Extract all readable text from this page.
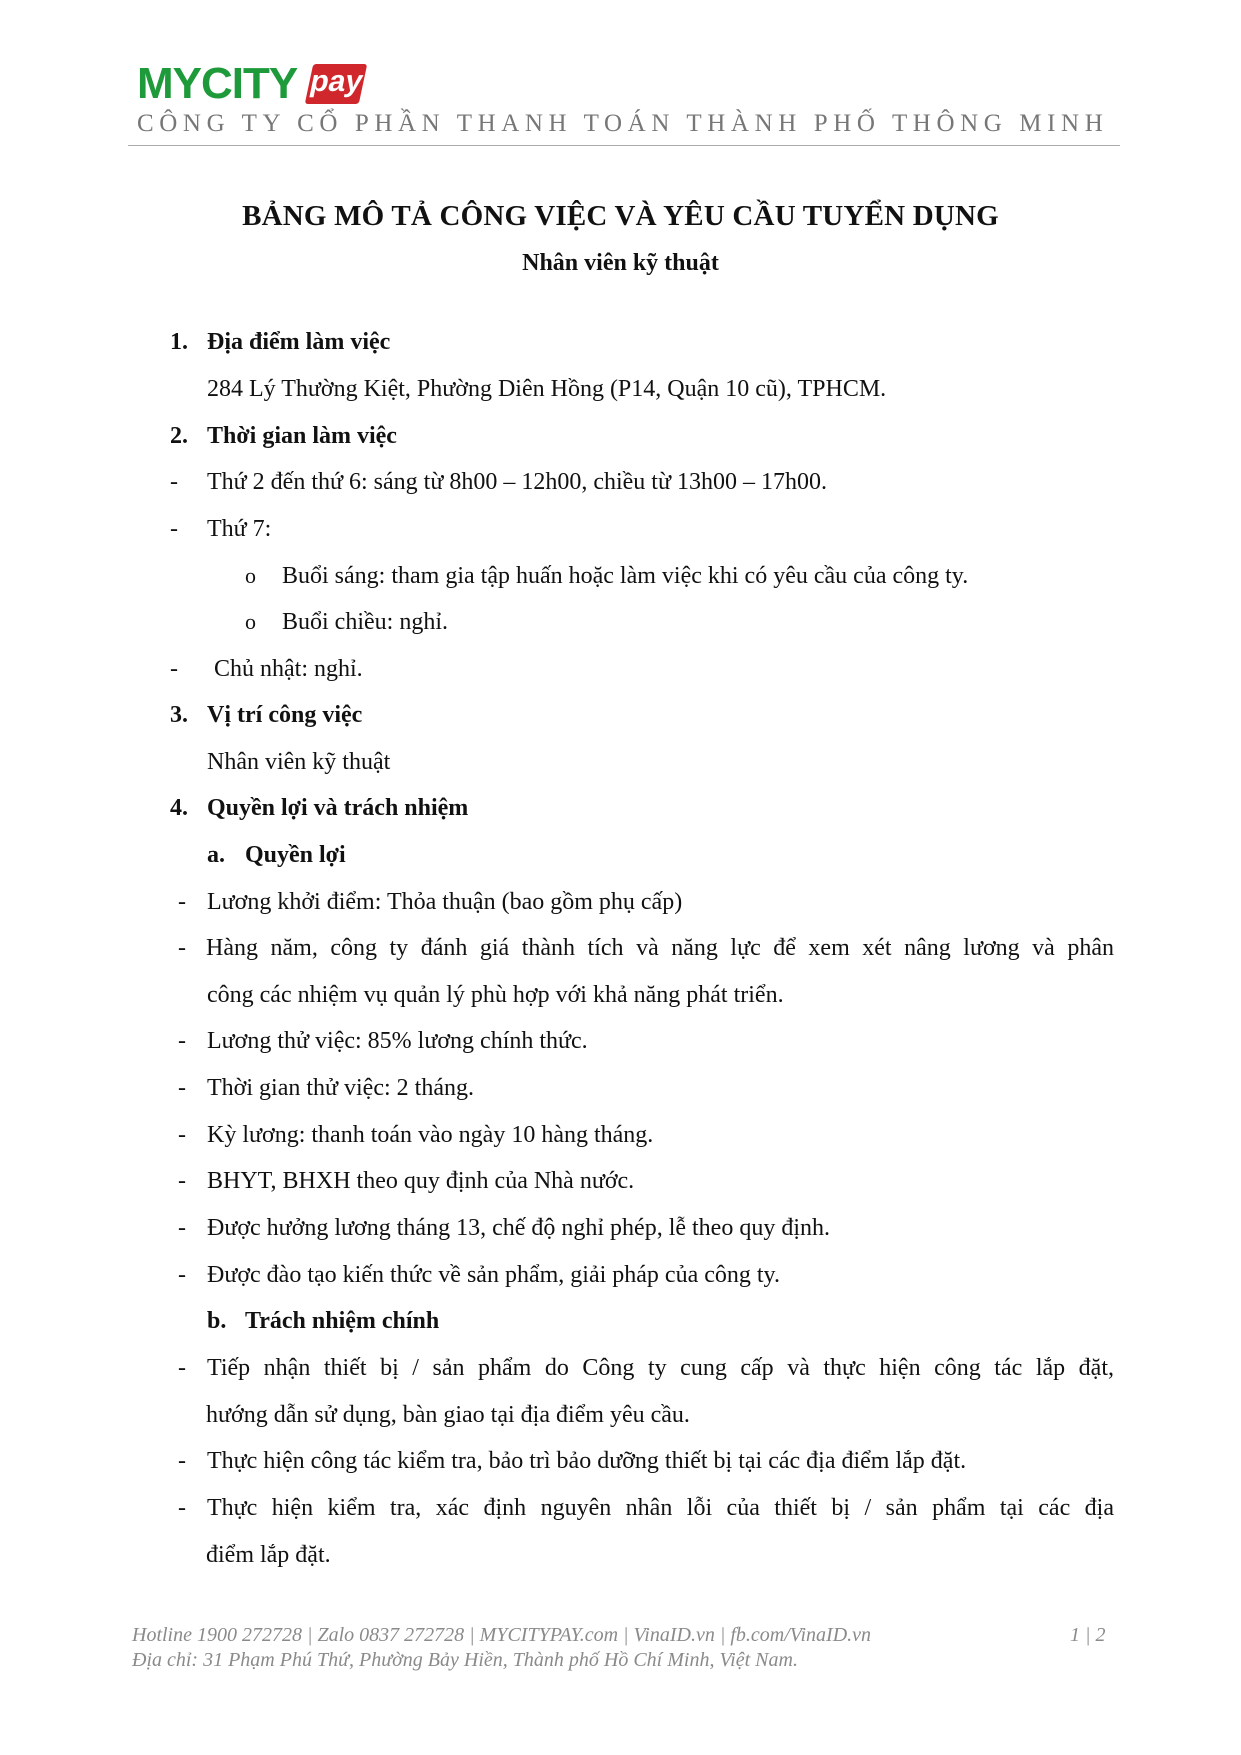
MYCITY pay
CÔNG TY CỔ PHẦN THANH TOÁN THÀNH PHỐ THÔNG MINH
BẢNG MÔ TẢ CÔNG VIỆC VÀ YÊU CẦU TUYỂN DỤNG
Nhân viên kỹ thuật
1. Địa điểm làm việc
284 Lý Thường Kiệt, Phường Diên Hồng (P14, Quận 10 cũ), TPHCM.
2. Thời gian làm việc
- Thứ 2 đến thứ 6: sáng từ 8h00 – 12h00, chiều từ 13h00 – 17h00.
- Thứ 7:
o Buổi sáng: tham gia tập huấn hoặc làm việc khi có yêu cầu của công ty.
o Buổi chiều: nghỉ.
- Chủ nhật: nghỉ.
3. Vị trí công việc
Nhân viên kỹ thuật
4. Quyền lợi và trách nhiệm
a. Quyền lợi
- Lương khởi điểm: Thỏa thuận (bao gồm phụ cấp)
- Hàng năm, công ty đánh giá thành tích và năng lực để xem xét nâng lương và phân
công các nhiệm vụ quản lý phù hợp với khả năng phát triển.
- Lương thử việc: 85% lương chính thức.
- Thời gian thử việc: 2 tháng.
- Kỳ lương: thanh toán vào ngày 10 hàng tháng.
- BHYT, BHXH theo quy định của Nhà nước.
- Được hưởng lương tháng 13, chế độ nghỉ phép, lễ theo quy định.
- Được đào tạo kiến thức về sản phẩm, giải pháp của công ty.
b. Trách nhiệm chính
- Tiếp nhận thiết bị / sản phẩm do Công ty cung cấp và thực hiện công tác lắp đặt,
hướng dẫn sử dụng, bàn giao tại địa điểm yêu cầu.
- Thực hiện công tác kiểm tra, bảo trì bảo dưỡng thiết bị tại các địa điểm lắp đặt.
- Thực hiện kiểm tra, xác định nguyên nhân lỗi của thiết bị / sản phẩm tại các địa
điểm lắp đặt.
Hotline 1900 272728 | Zalo 0837 272728 | MYCITYPAY.com | VinaID.vn | fb.com/VinaID.vn	1 | 2
Địa chỉ: 31 Phạm Phú Thứ, Phường Bảy Hiền, Thành phố Hồ Chí Minh, Việt Nam.
